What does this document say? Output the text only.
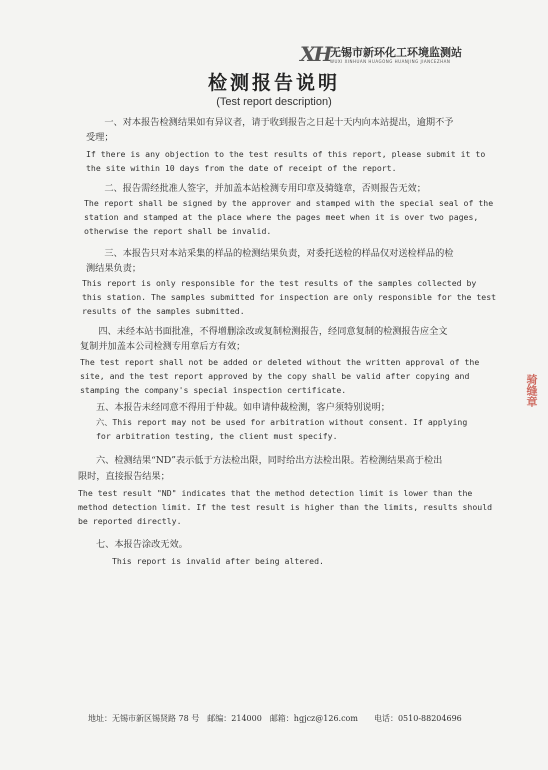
XH 无锡市新环化工环境监测站
WUXI XINHUAN HUAGONG HUANJING JIANCEZHAN
检测报告说明
(Test report description)
　　一、对本报告检测结果如有异议者，请于收到报告之日起十天内向本站提出，逾期不予
受理；
If there is any objection to the test results of this report, please submit it to
the site within 10 days from the date of receipt of the report.
　　二、报告需经批准人签字，并加盖本站检测专用印章及骑缝章，否则报告无效；
The report shall be signed by the approver and stamped with the special seal of the
station and stamped at the place where the pages meet when it is over two pages,
otherwise the report shall be invalid.
　　三、本报告只对本站采集的样品的检测结果负责，对委托送检的样品仅对送检样品的检
测结果负责；
This report is only responsible for the test results of the samples collected by
this station. The samples submitted for inspection are only responsible for the test
results of the samples submitted.
　　四、未经本站书面批准，不得增删涂改或复制检测报告，经同意复制的检测报告应全文
复制并加盖本公司检测专用章后方有效；
The test report shall not be added or deleted without the written approval of the
site, and the test report approved by the copy shall be valid after copying and
stamping the company's special inspection certificate.
五、本报告未经同意不得用于仲裁。如申请仲裁检测，客户须特别说明；
六、This report may not be used for arbitration without consent. If applying
for arbitration testing, the client must specify.
六、检测结果“ND”表示低于方法检出限，同时给出方法检出限。若检测结果高于检出
限时，直接报告结果；
The test result "ND" indicates that the method detection limit is lower than the
method detection limit. If the test result is higher than the limits, results should
be reported directly.
七、本报告涂改无效。
This report is invalid after being altered.
骑缝章
地址：无锡市新区锡贤路 78 号　 邮编：214000　 邮箱：hgjcz@126.com　　 电话：0510-88204696
